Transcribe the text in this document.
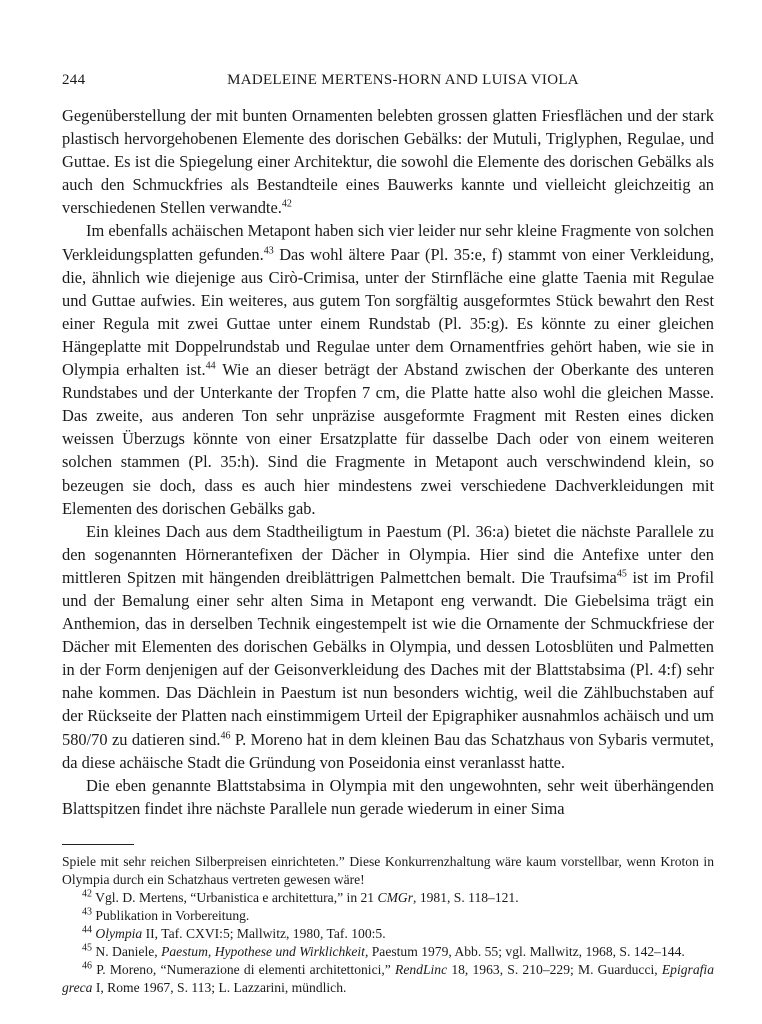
244	MADELEINE MERTENS-HORN AND LUISA VIOLA

Gegenüberstellung der mit bunten Ornamenten belebten grossen glatten Friesflächen und der stark plastisch hervorgehobenen Elemente des dorischen Gebälks: der Mutuli, Triglyphen, Regulae, und Guttae. Es ist die Spiegelung einer Architektur, die sowohl die Elemente des dorischen Gebälks als auch den Schmuckfries als Bestandteile eines Bauwerks kannte und vielleicht gleichzeitig an verschiedenen Stellen verwandte.$^{42}$

Im ebenfalls achäischen Metapont haben sich vier leider nur sehr kleine Fragmente von solchen Verkleidungsplatten gefunden.$^{43}$ Das wohl ältere Paar (Pl. 35:e, f) stammt von einer Verkleidung, die, ähnlich wie diejenige aus Cirò-Crimisa, unter der Stirnfläche eine glatte Taenia mit Regulae und Guttae aufwies. Ein weiteres, aus gutem Ton sorgfältig ausgeformtes Stück bewahrt den Rest einer Regula mit zwei Guttae unter einem Rundstab (Pl. 35:g). Es könnte zu einer gleichen Hängeplatte mit Doppelrundstab und Regulae unter dem Ornamentfries gehört haben, wie sie in Olympia erhalten ist.$^{44}$ Wie an dieser beträgt der Abstand zwischen der Oberkante des unteren Rundstabes und der Unterkante der Tropfen 7 cm, die Platte hatte also wohl die gleichen Masse. Das zweite, aus anderen Ton sehr unpräzise ausgeformte Fragment mit Resten eines dicken weissen Überzugs könnte von einer Ersatzplatte für dasselbe Dach oder von einem weiteren solchen stammen (Pl. 35:h). Sind die Fragmente in Metapont auch verschwindend klein, so bezeugen sie doch, dass es auch hier mindestens zwei verschiedene Dachverkleidungen mit Elementen des dorischen Gebälks gab.

Ein kleines Dach aus dem Stadtheiligtum in Paestum (Pl. 36:a) bietet die nächste Parallele zu den sogenannten Hörnerantefixen der Dächer in Olympia. Hier sind die Antefixe unter den mittleren Spitzen mit hängenden dreiblättrigen Palmettchen bemalt. Die Traufsima$^{45}$ ist im Profil und der Bemalung einer sehr alten Sima in Metapont eng verwandt. Die Giebelsima trägt ein Anthemion, das in derselben Technik eingestempelt ist wie die Ornamente der Schmuckfriese der Dächer mit Elementen des dorischen Gebälks in Olympia, und dessen Lotosblüten und Palmetten in der Form denjenigen auf der Geisonverkleidung des Daches mit der Blattstabsima (Pl. 4:f) sehr nahe kommen. Das Dächlein in Paestum ist nun besonders wichtig, weil die Zählbuchstaben auf der Rückseite der Platten nach einstimmigem Urteil der Epigraphiker ausnahmlos achäisch und um 580/70 zu datieren sind.$^{46}$ P. Moreno hat in dem kleinen Bau das Schatzhaus von Sybaris vermutet, da diese achäische Stadt die Gründung von Poseidonia einst veranlasst hatte.

Die eben genannte Blattstabsima in Olympia mit den ungewohnten, sehr weit überhängenden Blattspitzen findet ihre nächste Parallele nun gerade wiederum in einer Sima

Spiele mit sehr reichen Silberpreisen einrichteten.” Diese Konkurrenzhaltung wäre kaum vorstellbar, wenn Kroton in Olympia durch ein Schatzhaus vertreten gewesen wäre!

$^{42}$ Vgl. D. Mertens, “Urbanistica e architettura,” in 21 CMGr, 1981, S. 118–121.

$^{43}$ Publikation in Vorbereitung.

$^{44}$ Olympia II, Taf. CXVI:5; Mallwitz, 1980, Taf. 100:5.

$^{45}$ N. Daniele, Paestum, Hypothese und Wirklichkeit, Paestum 1979, Abb. 55; vgl. Mallwitz, 1968, S. 142–144.

$^{46}$ P. Moreno, “Numerazione di elementi architettonici,” RendLinc 18, 1963, S. 210–229; M. Guarducci, Epigrafia greca I, Rome 1967, S. 113; L. Lazzarini, mündlich.
